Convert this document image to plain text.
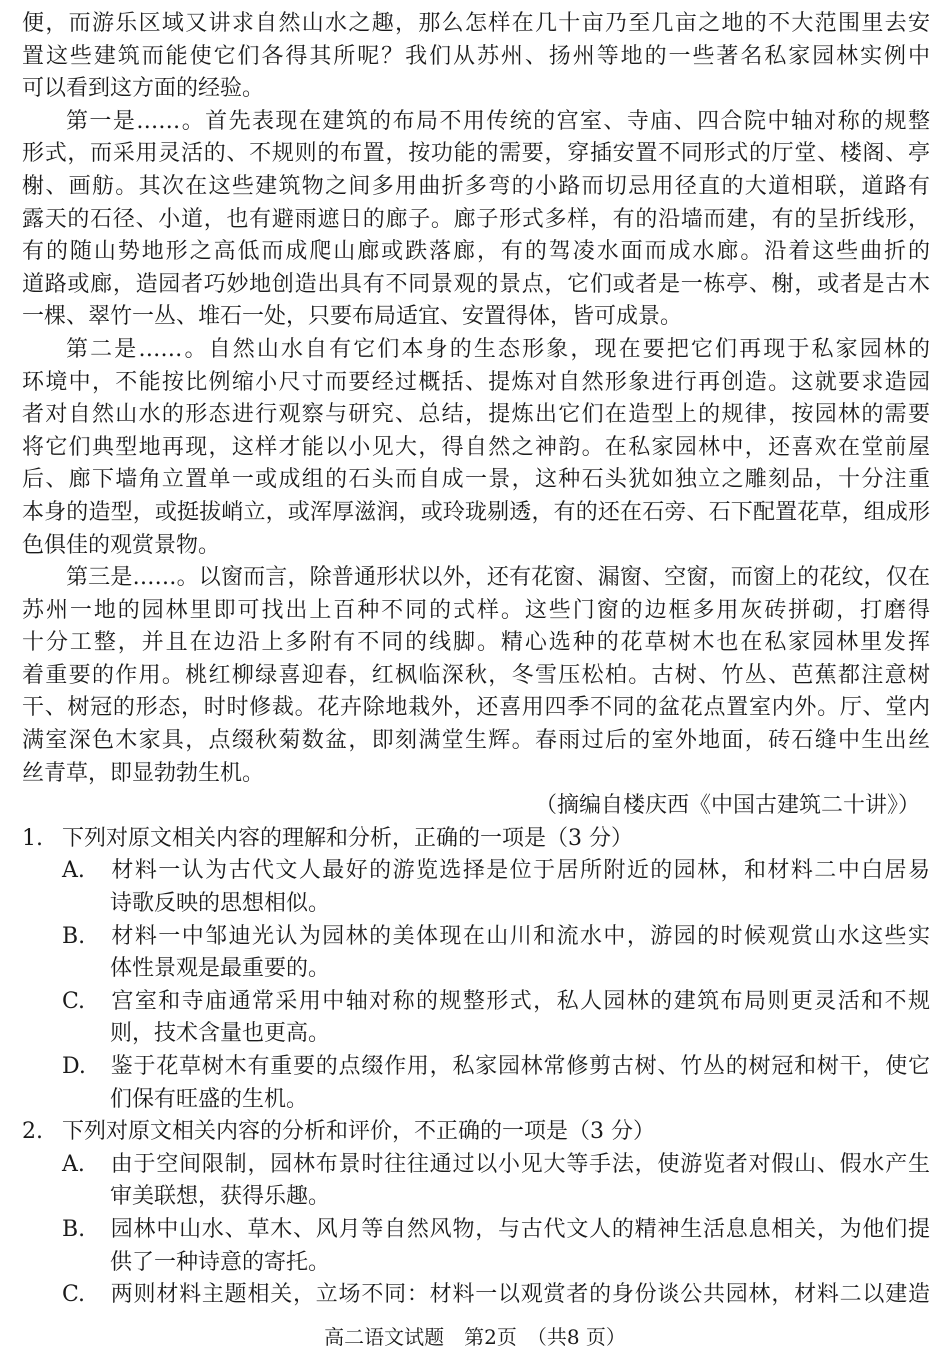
便，而游乐区域又讲求自然山水之趣，那么怎样在几十亩乃至几亩之地的不大范围里去安
置这些建筑而能使它们各得其所呢？我们从苏州、扬州等地的一些著名私家园林实例中
可以看到这方面的经验。
第一是……。首先表现在建筑的布局不用传统的宫室、寺庙、四合院中轴对称的规整
形式，而采用灵活的、不规则的布置，按功能的需要，穿插安置不同形式的厅堂、楼阁、亭
榭、画舫。其次在这些建筑物之间多用曲折多弯的小路而切忌用径直的大道相联，道路有
露天的石径、小道，也有避雨遮日的廊子。廊子形式多样，有的沿墙而建，有的呈折线形，
有的随山势地形之高低而成爬山廊或跌落廊，有的驾凌水面而成水廊。沿着这些曲折的
道路或廊，造园者巧妙地创造出具有不同景观的景点，它们或者是一栋亭、榭，或者是古木
一棵、翠竹一丛、堆石一处，只要布局适宜、安置得体，皆可成景。
第二是……。自然山水自有它们本身的生态形象，现在要把它们再现于私家园林的
环境中，不能按比例缩小尺寸而要经过概括、提炼对自然形象进行再创造。这就要求造园
者对自然山水的形态进行观察与研究、总结，提炼出它们在造型上的规律，按园林的需要
将它们典型地再现，这样才能以小见大，得自然之神韵。在私家园林中，还喜欢在堂前屋
后、廊下墙角立置单一或成组的石头而自成一景，这种石头犹如独立之雕刻品，十分注重
本身的造型，或挺拔峭立，或浑厚滋润，或玲珑剔透，有的还在石旁、石下配置花草，组成形
色俱佳的观赏景物。
第三是……。以窗而言，除普通形状以外，还有花窗、漏窗、空窗，而窗上的花纹，仅在
苏州一地的园林里即可找出上百种不同的式样。这些门窗的边框多用灰砖拼砌，打磨得
十分工整，并且在边沿上多附有不同的线脚。精心选种的花草树木也在私家园林里发挥
着重要的作用。桃红柳绿喜迎春，红枫临深秋，冬雪压松柏。古树、竹丛、芭蕉都注意树
干、树冠的形态，时时修裁。花卉除地栽外，还喜用四季不同的盆花点置室内外。厅、堂内
满室深色木家具，点缀秋菊数盆，即刻满堂生辉。春雨过后的室外地面，砖石缝中生出丝
丝青草，即显勃勃生机。
（摘编自楼庆西《中国古建筑二十讲》）
1. 下列对原文相关内容的理解和分析，正确的一项是（3 分）
A. 材料一认为古代文人最好的游览选择是位于居所附近的园林，和材料二中白居易
诗歌反映的思想相似。
B. 材料一中邹迪光认为园林的美体现在山川和流水中，游园的时候观赏山水这些实
体性景观是最重要的。
C. 宫室和寺庙通常采用中轴对称的规整形式，私人园林的建筑布局则更灵活和不规
则，技术含量也更高。
D. 鉴于花草树木有重要的点缀作用，私家园林常修剪古树、竹丛的树冠和树干，使它
们保有旺盛的生机。
2. 下列对原文相关内容的分析和评价，不正确的一项是（3 分）
A. 由于空间限制，园林布景时往往通过以小见大等手法，使游览者对假山、假水产生
审美联想，获得乐趣。
B. 园林中山水、草木、风月等自然风物，与古代文人的精神生活息息相关，为他们提
供了一种诗意的寄托。
C. 两则材料主题相关，立场不同：材料一以观赏者的身份谈公共园林，材料二以建造
高二语文试题　第2页　（共8 页）
